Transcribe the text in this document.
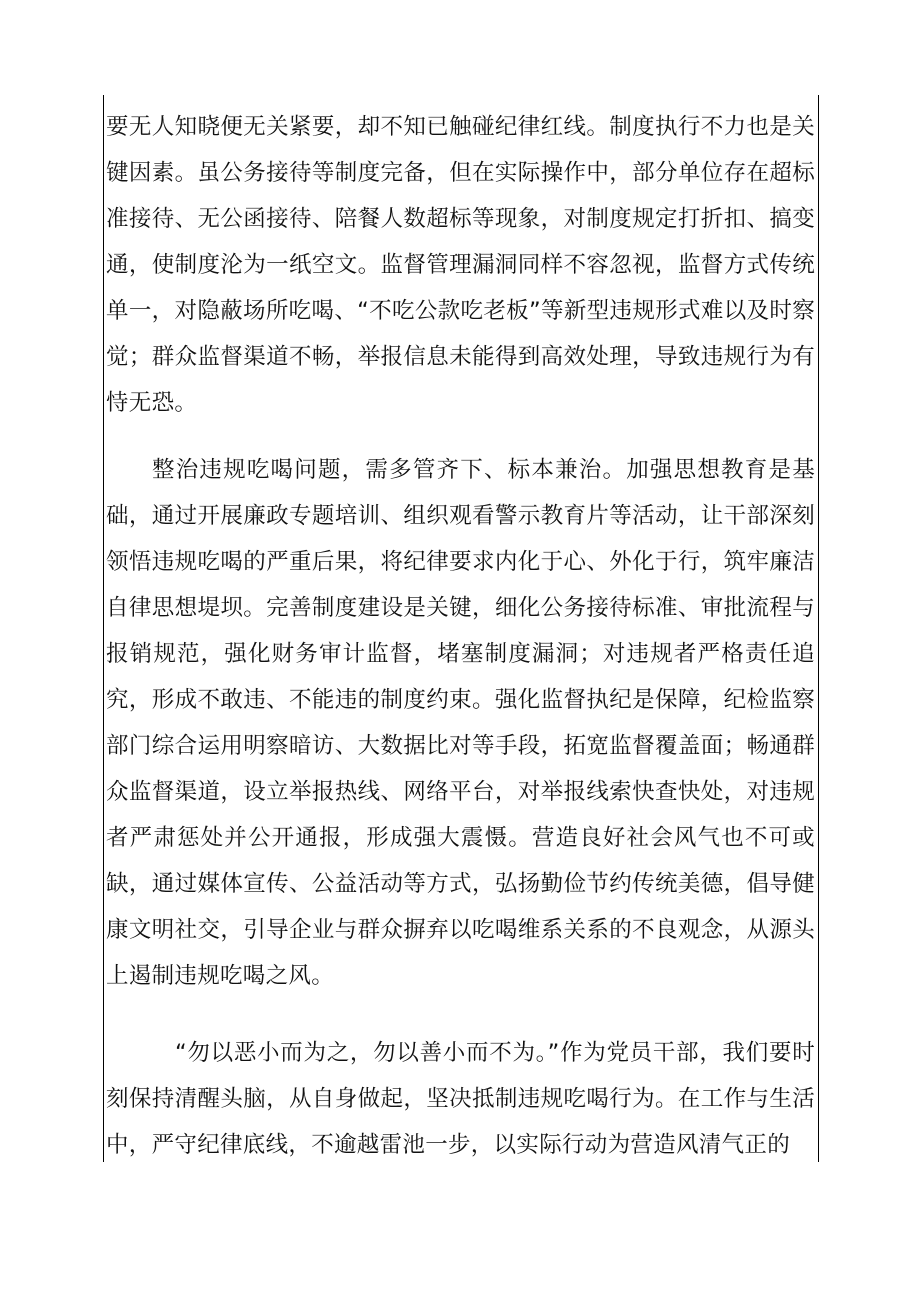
要无人知晓便无关紧要，却不知已触碰纪律红线。制度执行不力也是关键因素。虽公务接待等制度完备，但在实际操作中，部分单位存在超标准接待、无公函接待、陪餐人数超标等现象，对制度规定打折扣、搞变通，使制度沦为一纸空文。监督管理漏洞同样不容忽视，监督方式传统单一，对隐蔽场所吃喝、“不吃公款吃老板”等新型违规形式难以及时察觉；群众监督渠道不畅，举报信息未能得到高效处理，导致违规行为有恃无恐。

整治违规吃喝问题，需多管齐下、标本兼治。加强思想教育是基础，通过开展廉政专题培训、组织观看警示教育片等活动，让干部深刻领悟违规吃喝的严重后果，将纪律要求内化于心、外化于行，筑牢廉洁自律思想堤坝。完善制度建设是关键，细化公务接待标准、审批流程与报销规范，强化财务审计监督，堵塞制度漏洞；对违规者严格责任追究，形成不敢违、不能违的制度约束。强化监督执纪是保障，纪检监察部门综合运用明察暗访、大数据比对等手段，拓宽监督覆盖面；畅通群众监督渠道，设立举报热线、网络平台，对举报线索快查快处，对违规者严肃惩处并公开通报，形成强大震慑。营造良好社会风气也不可或缺，通过媒体宣传、公益活动等方式，弘扬勤俭节约传统美德，倡导健康文明社交，引导企业与群众摒弃以吃喝维系关系的不良观念，从源头上遏制违规吃喝之风。

“勿以恶小而为之，勿以善小而不为。”作为党员干部，我们要时刻保持清醒头脑，从自身做起，坚决抵制违规吃喝行为。在工作与生活中，严守纪律底线，不逾越雷池一步，以实际行动为营造风清气正的
